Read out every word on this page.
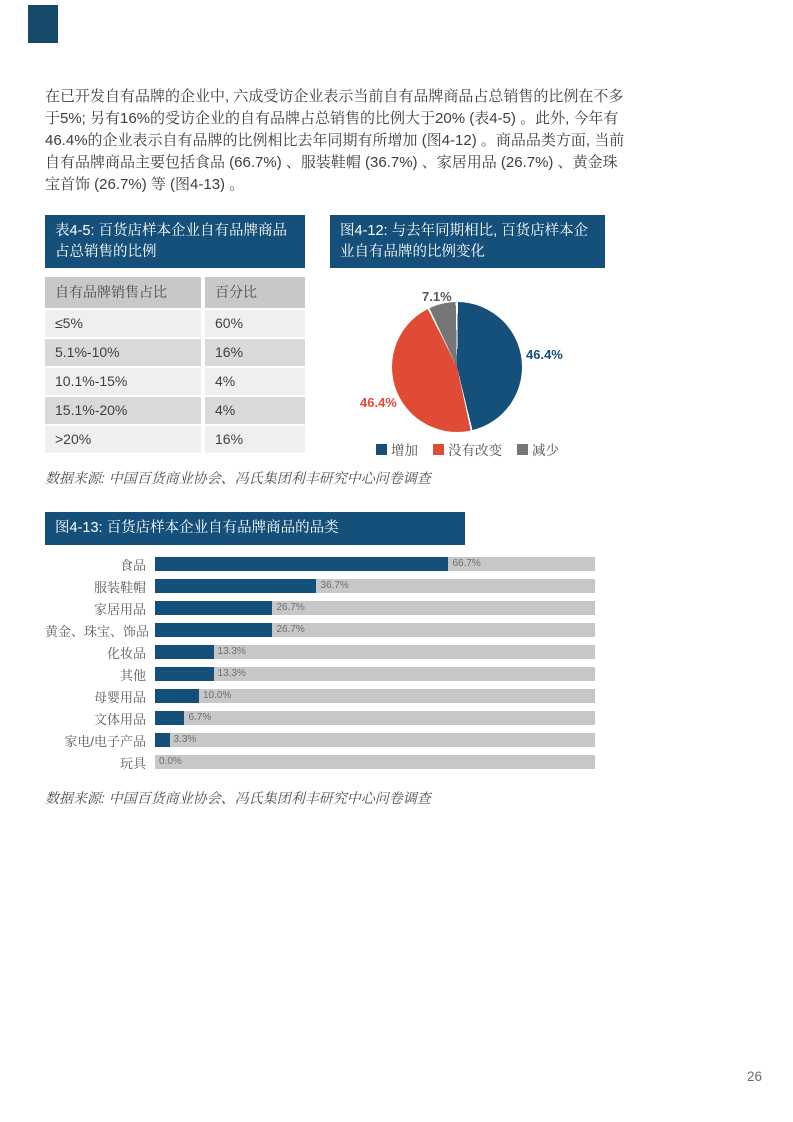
在已开发自有品牌的企业中, 六成受访企业表示当前自有品牌商品占总销售的比例在不多于5%; 另有16%的受访企业的自有品牌占总销售的比例大于20% (表4-5) 。此外, 今年有46.4%的企业表示自有品牌的比例相比去年同期有所增加 (图4-12) 。商品品类方面, 当前自有品牌商品主要包括食品 (66.7%) 、服装鞋帽 (36.7%) 、家居用品 (26.7%) 、黄金珠宝首饰 (26.7%) 等 (图4-13) 。
表4-5: 百货店样本企业自有品牌商品占总销售的比例
自有品牌销售占比	百分比
≤5%	60%
5.1%-10%	16%
10.1%-15%	4%
15.1%-20%	4%
>20%	16%
图4-12: 与去年同期相比, 百货店样本企业自有品牌的比例变化
46.4%
46.4%
7.1%
增加 没有改变 减少
数据来源: 中国百货商业协会、冯氏集团利丰研究中心问卷调查
图4-13: 百货店样本企业自有品牌商品的品类
食品	66.7%
服装鞋帽	36.7%
家居用品	26.7%
黄金、珠宝、饰品	26.7%
化妆品	13.3%
其他	13.3%
母婴用品	10.0%
文体用品	6.7%
家电/电子产品	3.3%
玩具	0.0%
数据来源: 中国百货商业协会、冯氏集团利丰研究中心问卷调查
26
